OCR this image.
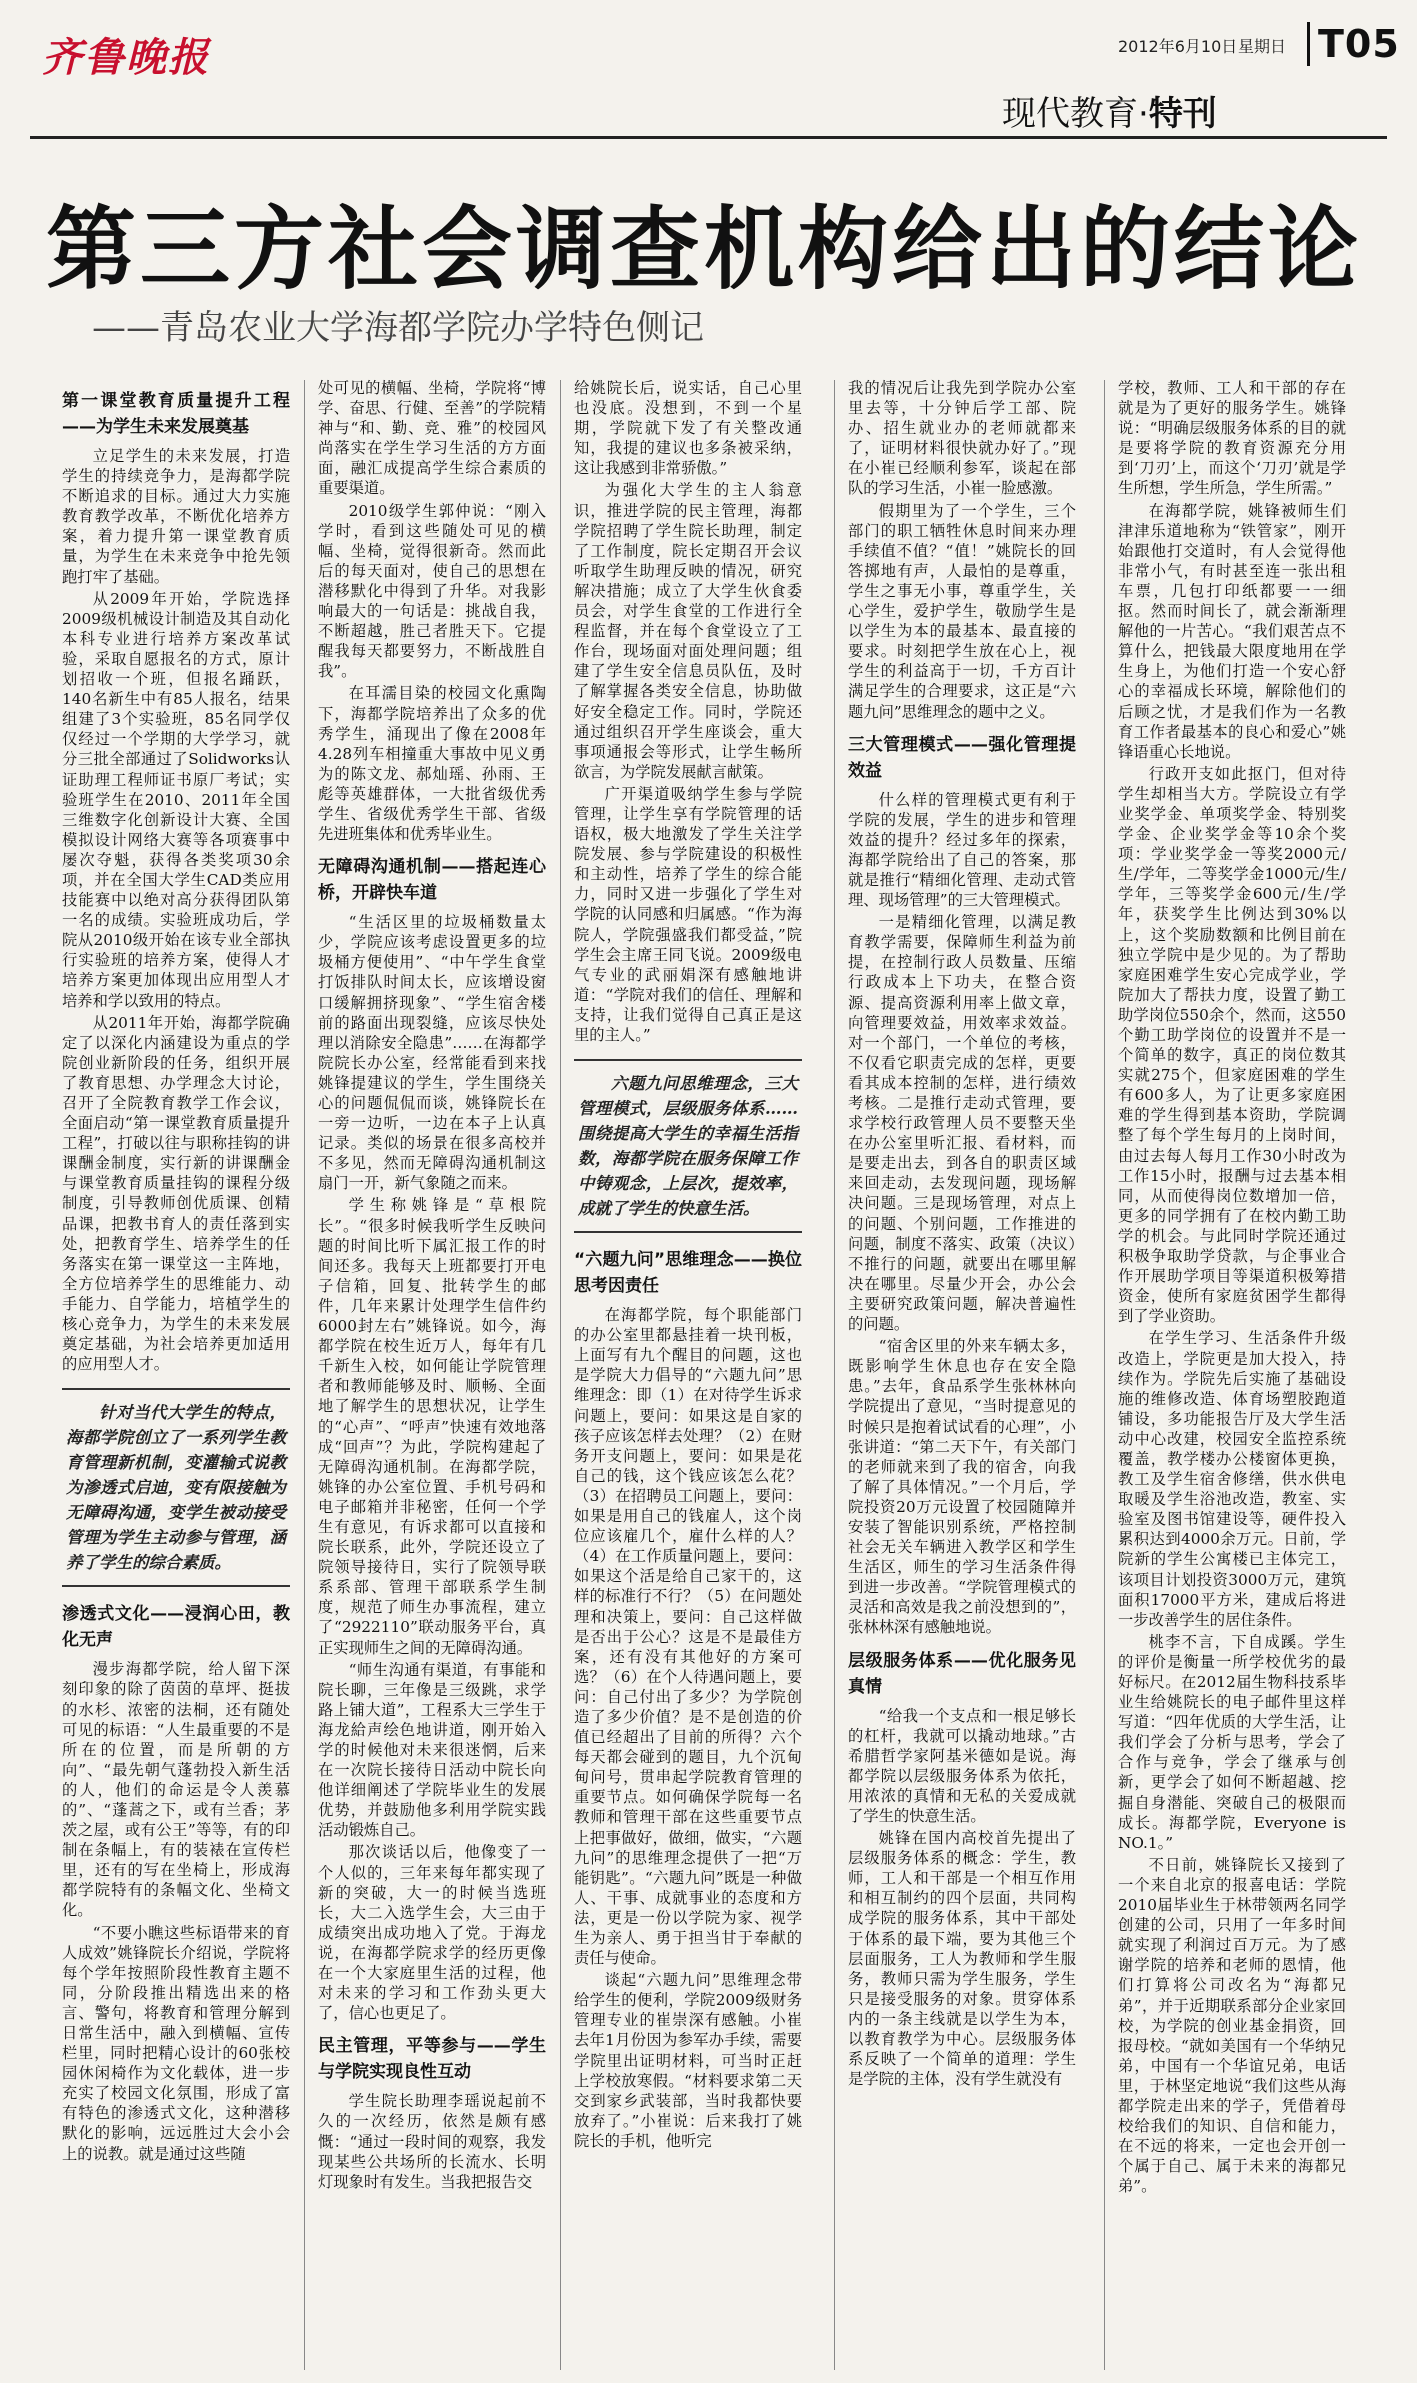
齐鲁晚报	2012年6月10日 星期日 T05
现代教育·特刊
第三方社会调查机构给出的结论
——青岛农业大学海都学院办学特色侧记
第一课堂教育质量提升工程——为学生未来发展奠基

立足学生的未来发展，打造学生的持续竞争力，是海都学院不断追求的目标。通过大力实施教育教学改革，不断优化培养方案，着力提升第一课堂教育质量，为学生在未来竞争中抢先领跑打牢了基础。

从2009年开始，学院选择2009级机械设计制造及其自动化本科专业进行培养方案改革试验，采取自愿报名的方式，原计划招收一个班，但报名踊跃，140名新生中有85人报名，结果组建了3个实验班，85名同学仅仅经过一个学期的大学学习，就分三批全部通过了Solidworks认证助理工程师证书原厂考试；实验班学生在2010、2011年全国三维数字化创新设计大赛、全国模拟设计网络大赛等各项赛事中屡次夺魁，获得各类奖项30余项，并在全国大学生CAD类应用技能赛中以绝对高分获得团队第一名的成绩。实验班成功后，学院从2010级开始在该专业全部执行实验班的培养方案，使得人才培养方案更加体现出应用型人才培养和学以致用的特点。

从2011年开始，海都学院确定了以深化内涵建设为重点的学院创业新阶段的任务，组织开展了教育思想、办学理念大讨论，召开了全院教育教学工作会议，全面启动“第一课堂教育质量提升工程”，打破以往与职称挂钩的讲课酬金制度，实行新的讲课酬金与课堂教育质量挂钩的课程分级制度，引导教师创优质课、创精品课，把教书育人的责任落到实处，把教育学生、培养学生的任务落实在第一课堂这一主阵地，全方位培养学生的思维能力、动手能力、自学能力，培植学生的核心竞争力，为学生的未来发展奠定基础，为社会培养更加适用的应用型人才。

针对当代大学生的特点，海都学院创立了一系列学生教育管理新机制，变灌输式说教为渗透式启迪，变有限接触为无障碍沟通，变学生被动接受管理为学生主动参与管理，涵养了学生的综合素质。
渗透式文化——浸润心田，教化无声

漫步海都学院，给人留下深刻印象的除了茵茵的草坪、挺拔的水杉、浓密的法桐，还有随处可见的标语：“人生最重要的不是所在的位置，而是所朝的方向”、“最先朝气蓬勃投入新生活的人，他们的命运是令人羡慕的”、“蓬蒿之下，或有兰香；茅茨之屋，或有公王”等等，有的印制在条幅上，有的装裱在宣传栏里，还有的写在坐椅上，形成海都学院特有的条幅文化、坐椅文化。

“不要小瞧这些标语带来的育人成效”姚锋院长介绍说，学院将每个学年按照阶段性教育主题不同，分阶段推出精选出来的格言、警句，将教育和管理分解到日常生活中，融入到横幅、宣传栏里，同时把精心设计的60张校园休闲椅作为文化载体，进一步充实了校园文化氛围，形成了富有特色的渗透式文化，这种潜移默化的影响，远远胜过大会小会上的说教。就是通过这些随

处可见的横幅、坐椅，学院将“博学、奋思、行健、至善”的学院精神与“和、勤、竞、雅”的校园风尚落实在学生学习生活的方方面面，融汇成提高学生综合素质的重要渠道。

2010级学生郭仲说：“刚入学时，看到这些随处可见的横幅、坐椅，觉得很新奇。然而此后的每天面对，使自己的思想在潜移默化中得到了升华。对我影响最大的一句话是：挑战自我，不断超越，胜己者胜天下。它提醒我每天都要努力，不断战胜自我”。

在耳濡目染的校园文化熏陶下，海都学院培养出了众多的优秀学生，涌现出了像在2008年4.28列车相撞重大事故中见义勇为的陈文龙、郝灿瑶、孙雨、王彪等英雄群体，一大批省级优秀学生、省级优秀学生干部、省级先进班集体和优秀毕业生。

无障碍沟通机制——搭起连心桥，开辟快车道

“生活区里的垃圾桶数量太少，学院应该考虑设置更多的垃圾桶方便使用”、“中午学生食堂打饭排队时间太长，应该增设窗口缓解拥挤现象”、“学生宿舍楼前的路面出现裂缝，应该尽快处理以消除安全隐患”……在海都学院院长办公室，经常能看到来找姚锋提建议的学生，学生围绕关心的问题侃侃而谈，姚锋院长在一旁一边听，一边在本子上认真记录。类似的场景在很多高校并不多见，然而无障碍沟通机制这扇门一开，新气象随之而来。

学生称姚锋是“草根院长”。“很多时候我听学生反映问题的时间比听下属汇报工作的时间还多。我每天上班都要打开电子信箱，回复、批转学生的邮件，几年来累计处理学生信件约6000封左右”姚锋说。如今，海都学院在校生近万人，每年有几千新生入校，如何能让学院管理者和教师能够及时、顺畅、全面地了解学生的思想状况，让学生的“心声”、“呼声”快速有效地落成“回声”？为此，学院构建起了无障碍沟通机制。在海都学院，姚锋的办公室位置、手机号码和电子邮箱并非秘密，任何一个学生有意见，有诉求都可以直接和院长联系，此外，学院还设立了院领导接待日，实行了院领导联系系部、管理干部联系学生制度，规范了师生办事流程，建立了“2922110”联动服务平台，真正实现师生之间的无障碍沟通。

“师生沟通有渠道，有事能和院长聊，三年像是三级跳，求学路上铺大道”，工程系大三学生于海龙給声绘色地讲道，刚开始入学的时候他对未来很迷惘，后来在一次院长接待日活动中院长向他详细阐述了学院毕业生的发展优势，并鼓励他多利用学院实践活动锻炼自己。

那次谈话以后，他像变了一个人似的，三年来每年都实现了新的突破，大一的时候当选班长，大二入选学生会，大三由于成绩突出成功地入了党。于海龙说，在海都学院求学的经历更像在一个大家庭里生活的过程，他对未来的学习和工作劲头更大了，信心也更足了。

民主管理，平等参与——学生与学院实现良性互动

学生院长助理李瑶说起前不久的一次经历，依然是颇有感慨：“通过一段时间的观察，我发现某些公共场所的长流水、长明灯现象时有发生。当我把报告交

给姚院长后，说实话，自己心里也没底。没想到，不到一个星期，学院就下发了有关整改通知，我提的建议也多条被采纳，这让我感到非常骄傲。”

为强化大学生的主人翁意识，推进学院的民主管理，海都学院招聘了学生院长助理，制定了工作制度，院长定期召开会议听取学生助理反映的情况，研究解决措施；成立了大学生伙食委员会，对学生食堂的工作进行全程监督，并在每个食堂设立了工作台，现场面对面处理问题；组建了学生安全信息员队伍，及时了解掌握各类安全信息，协助做好安全稳定工作。同时，学院还通过组织召开学生座谈会，重大事项通报会等形式，让学生畅所欲言，为学院发展献言献策。

广开渠道吸纳学生参与学院管理，让学生享有学院管理的话语权，极大地激发了学生关注学院发展、参与学院建设的积极性和主动性，培养了学生的综合能力，同时又进一步强化了学生对学院的认同感和归属感。“作为海院人，学院强盛我们都受益，”院学生会主席王同飞说。2009级电气专业的武丽娟深有感触地讲道：“学院对我们的信任、理解和支持，让我们觉得自己真正是这里的主人。”

六题九问思维理念，三大管理模式，层级服务体系……围绕提高大学生的幸福生活指数，海都学院在服务保障工作中铸观念，上层次，提效率，成就了学生的快意生活。
“六题九问”思维理念——换位思考因责任

在海都学院，每个职能部门的办公室里都悬挂着一块刊板，上面写有九个醒目的问题，这也是学院大力倡导的“六题九问”思维理念：即（1）在对待学生诉求问题上，要问：如果这是自家的孩子应该怎样去处理？（2）在财务开支问题上，要问：如果是花自己的钱，这个钱应该怎么花？（3）在招聘员工问题上，要问：如果是用自己的钱雇人，这个岗位应该雇几个，雇什么样的人？（4）在工作质量问题上，要问：如果这个活是给自己家干的，这样的标准行不行？（5）在问题处理和决策上，要问：自己这样做是否出于公心？这是不是最佳方案，还有没有其他好的方案可选？（6）在个人待遇问题上，要问：自己付出了多少？为学院创造了多少价值？是不是创造的价值已经超出了目前的所得？六个每天都会碰到的题目，九个沉甸甸问号，贯串起学院教育管理的重要节点。如何确保学院每一名教师和管理干部在这些重要节点上把事做好，做细，做实，“六题九问”的思维理念提供了一把“万能钥匙”。“六题九问”既是一种做人、干事、成就事业的态度和方法，更是一份以学院为家、视学生为亲人、勇于担当甘于奉献的责任与使命。

谈起“六题九问”思维理念带给学生的便利，学院2009级财务管理专业的崔崇深有感触。小崔去年1月份因为参军办手续，需要学院里出证明材料，可当时正赶上学校放寒假。“材料要求第二天交到家乡武装部，当时我都快要放弃了。”小崔说：后来我打了姚院长的手机，他听完

我的情况后让我先到学院办公室里去等，十分钟后学工部、院办、招生就业办的老师就都来了，证明材料很快就办好了。”现在小崔已经顺利参军，谈起在部队的学习生活，小崔一脸感激。

假期里为了一个学生，三个部门的职工牺牲休息时间来办理手续值不值？“值！”姚院长的回答掷地有声，人最怕的是尊重，学生之事无小事，尊重学生，关心学生，爱护学生，敬励学生是以学生为本的最基本、最直接的要求。时刻把学生放在心上，视学生的利益高于一切，千方百计满足学生的合理要求，这正是“六题九问”思维理念的题中之义。

三大管理模式——强化管理提效益

什么样的管理模式更有利于学院的发展，学生的进步和管理效益的提升？经过多年的探索，海都学院给出了自己的答案，那就是推行“精细化管理、走动式管理、现场管理”的三大管理模式。

一是精细化管理，以满足教育教学需要，保障师生利益为前提，在控制行政人员数量、压缩行政成本上下功夫，在整合资源、提高资源利用率上做文章，向管理要效益，用效率求效益。对一个部门，一个单位的考核，不仅看它职责完成的怎样，更要看其成本控制的怎样，进行绩效考核。二是推行走动式管理，要求学校行政管理人员不要整天坐在办公室里听汇报、看材料，而是要走出去，到各自的职责区域来回走动，去发现问题，现场解决问题。三是现场管理，对点上的问题、个别问题，工作推进的问题，制度不落实、政策（决议）不推行的问题，就要出在哪里解决在哪里。尽量少开会，办公会主要研究政策问题，解决普遍性的问题。

“宿舍区里的外来车辆太多，既影响学生休息也存在安全隐患。”去年，食品系学生张林林向学院提出了意见，“当时提意见的时候只是抱着试试看的心理”，小张讲道：“第二天下午，有关部门的老师就来到了我的宿舍，向我了解了具体情况。”一个月后，学院投资20万元设置了校园随障并安装了智能识别系统，严格控制社会无关车辆进入教学区和学生生活区，师生的学习生活条件得到进一步改善。“学院管理模式的灵活和高效是我之前没想到的”，张林林深有感触地说。

层级服务体系——优化服务见真情

“给我一个支点和一根足够长的杠杆，我就可以撬动地球。”古希腊哲学家阿基米德如是说。海都学院以层级服务体系为依托，用浓浓的真情和无私的关爱成就了学生的快意生活。

姚锋在国内高校首先提出了层级服务体系的概念：学生，教师，工人和干部是一个相互作用和相互制约的四个层面，共同构成学院的服务体系，其中干部处于体系的最下端，要为其他三个层面服务，工人为教师和学生服务，教师只需为学生服务，学生只是接受服务的对象。贯穿体系内的一条主线就是以学生为本，以教育教学为中心。层级服务体系反映了一个简单的道理：学生是学院的主体，没有学生就没有

学校，教师、工人和干部的存在就是为了更好的服务学生。姚锋说：“明确层级服务体系的目的就是要将学院的教育资源充分用到‘刀刃’上，而这个‘刀刃’就是学生所想，学生所急，学生所需。”

在海都学院，姚锋被师生们津津乐道地称为“铁管家”，刚开始跟他打交道时，有人会觉得他非常小气，有时甚至连一张出租车票，几包打印纸都要一一细抠。然而时间长了，就会渐渐理解他的一片苦心。“我们艰苦点不算什么，把钱最大限度地用在学生身上，为他们打造一个安心舒心的幸福成长环境，解除他们的后顾之忧，才是我们作为一名教育工作者最基本的良心和爱心”姚锋语重心长地说。

行政开支如此抠门，但对待学生却相当大方。学院设立有学业奖学金、单项奖学金、特别奖学金、企业奖学金等10余个奖项：学业奖学金一等奖2000元/生/学年，二等奖学金1000元/生/学年，三等奖学金600元/生/学年，获奖学生比例达到30%以上，这个奖励数额和比例目前在独立学院中是少见的。为了帮助家庭困难学生安心完成学业，学院加大了帮扶力度，设置了勤工助学岗位550余个，然而，这550个勤工助学岗位的设置并不是一个简单的数字，真正的岗位数其实就275个，但家庭困难的学生有600多人，为了让更多家庭困难的学生得到基本资助，学院调整了每个学生每月的上岗时间，由过去每人每月工作30小时改为工作15小时，报酬与过去基本相同，从而使得岗位数增加一倍，更多的同学拥有了在校内勤工助学的机会。与此同时学院还通过积极争取助学贷款，与企事业合作开展助学项目等渠道积极筹措资金，使所有家庭贫困学生都得到了学业资助。

在学生学习、生活条件升级改造上，学院更是加大投入，持续作为。学院先后实施了基础设施的维修改造、体育场塑胶跑道铺设，多功能报告厅及大学生活动中心改建，校园安全监控系统覆盖，教学楼办公楼窗体更换，教工及学生宿舍修缮，供水供电取暖及学生浴池改造，教室、实验室及图书馆建设等，硬件投入累积达到4000余万元。日前，学院新的学生公寓楼已主体完工，该项目计划投资3000万元，建筑面积17000平方米，建成后将进一步改善学生的居住条件。

桃李不言，下自成蹊。学生的评价是衡量一所学校优劣的最好标尺。在2012届生物科技系毕业生给姚院长的电子邮件里这样写道：“四年优质的大学生活，让我们学会了分析与思考，学会了合作与竞争，学会了继承与创新，更学会了如何不断超越、挖掘自身潜能、突破自己的极限而成长。海都学院，Everyone is NO.1。”

不日前，姚锋院长又接到了一个来自北京的报喜电话：学院2010届毕业生于林带领两名同学创建的公司，只用了一年多时间就实现了利润过百万元。为了感谢学院的培养和老师的恩情，他们打算将公司改名为“海都兄弟”，并于近期联系部分企业家回校，为学院的创业基金捐资，回报母校。“就如美国有一个华纳兄弟，中国有一个华谊兄弟，电话里，于林坚定地说“我们这些从海都学院走出来的学子，凭借着母校给我们的知识、自信和能力，在不远的将来，一定也会开创一个属于自己、属于未来的海都兄弟”。
